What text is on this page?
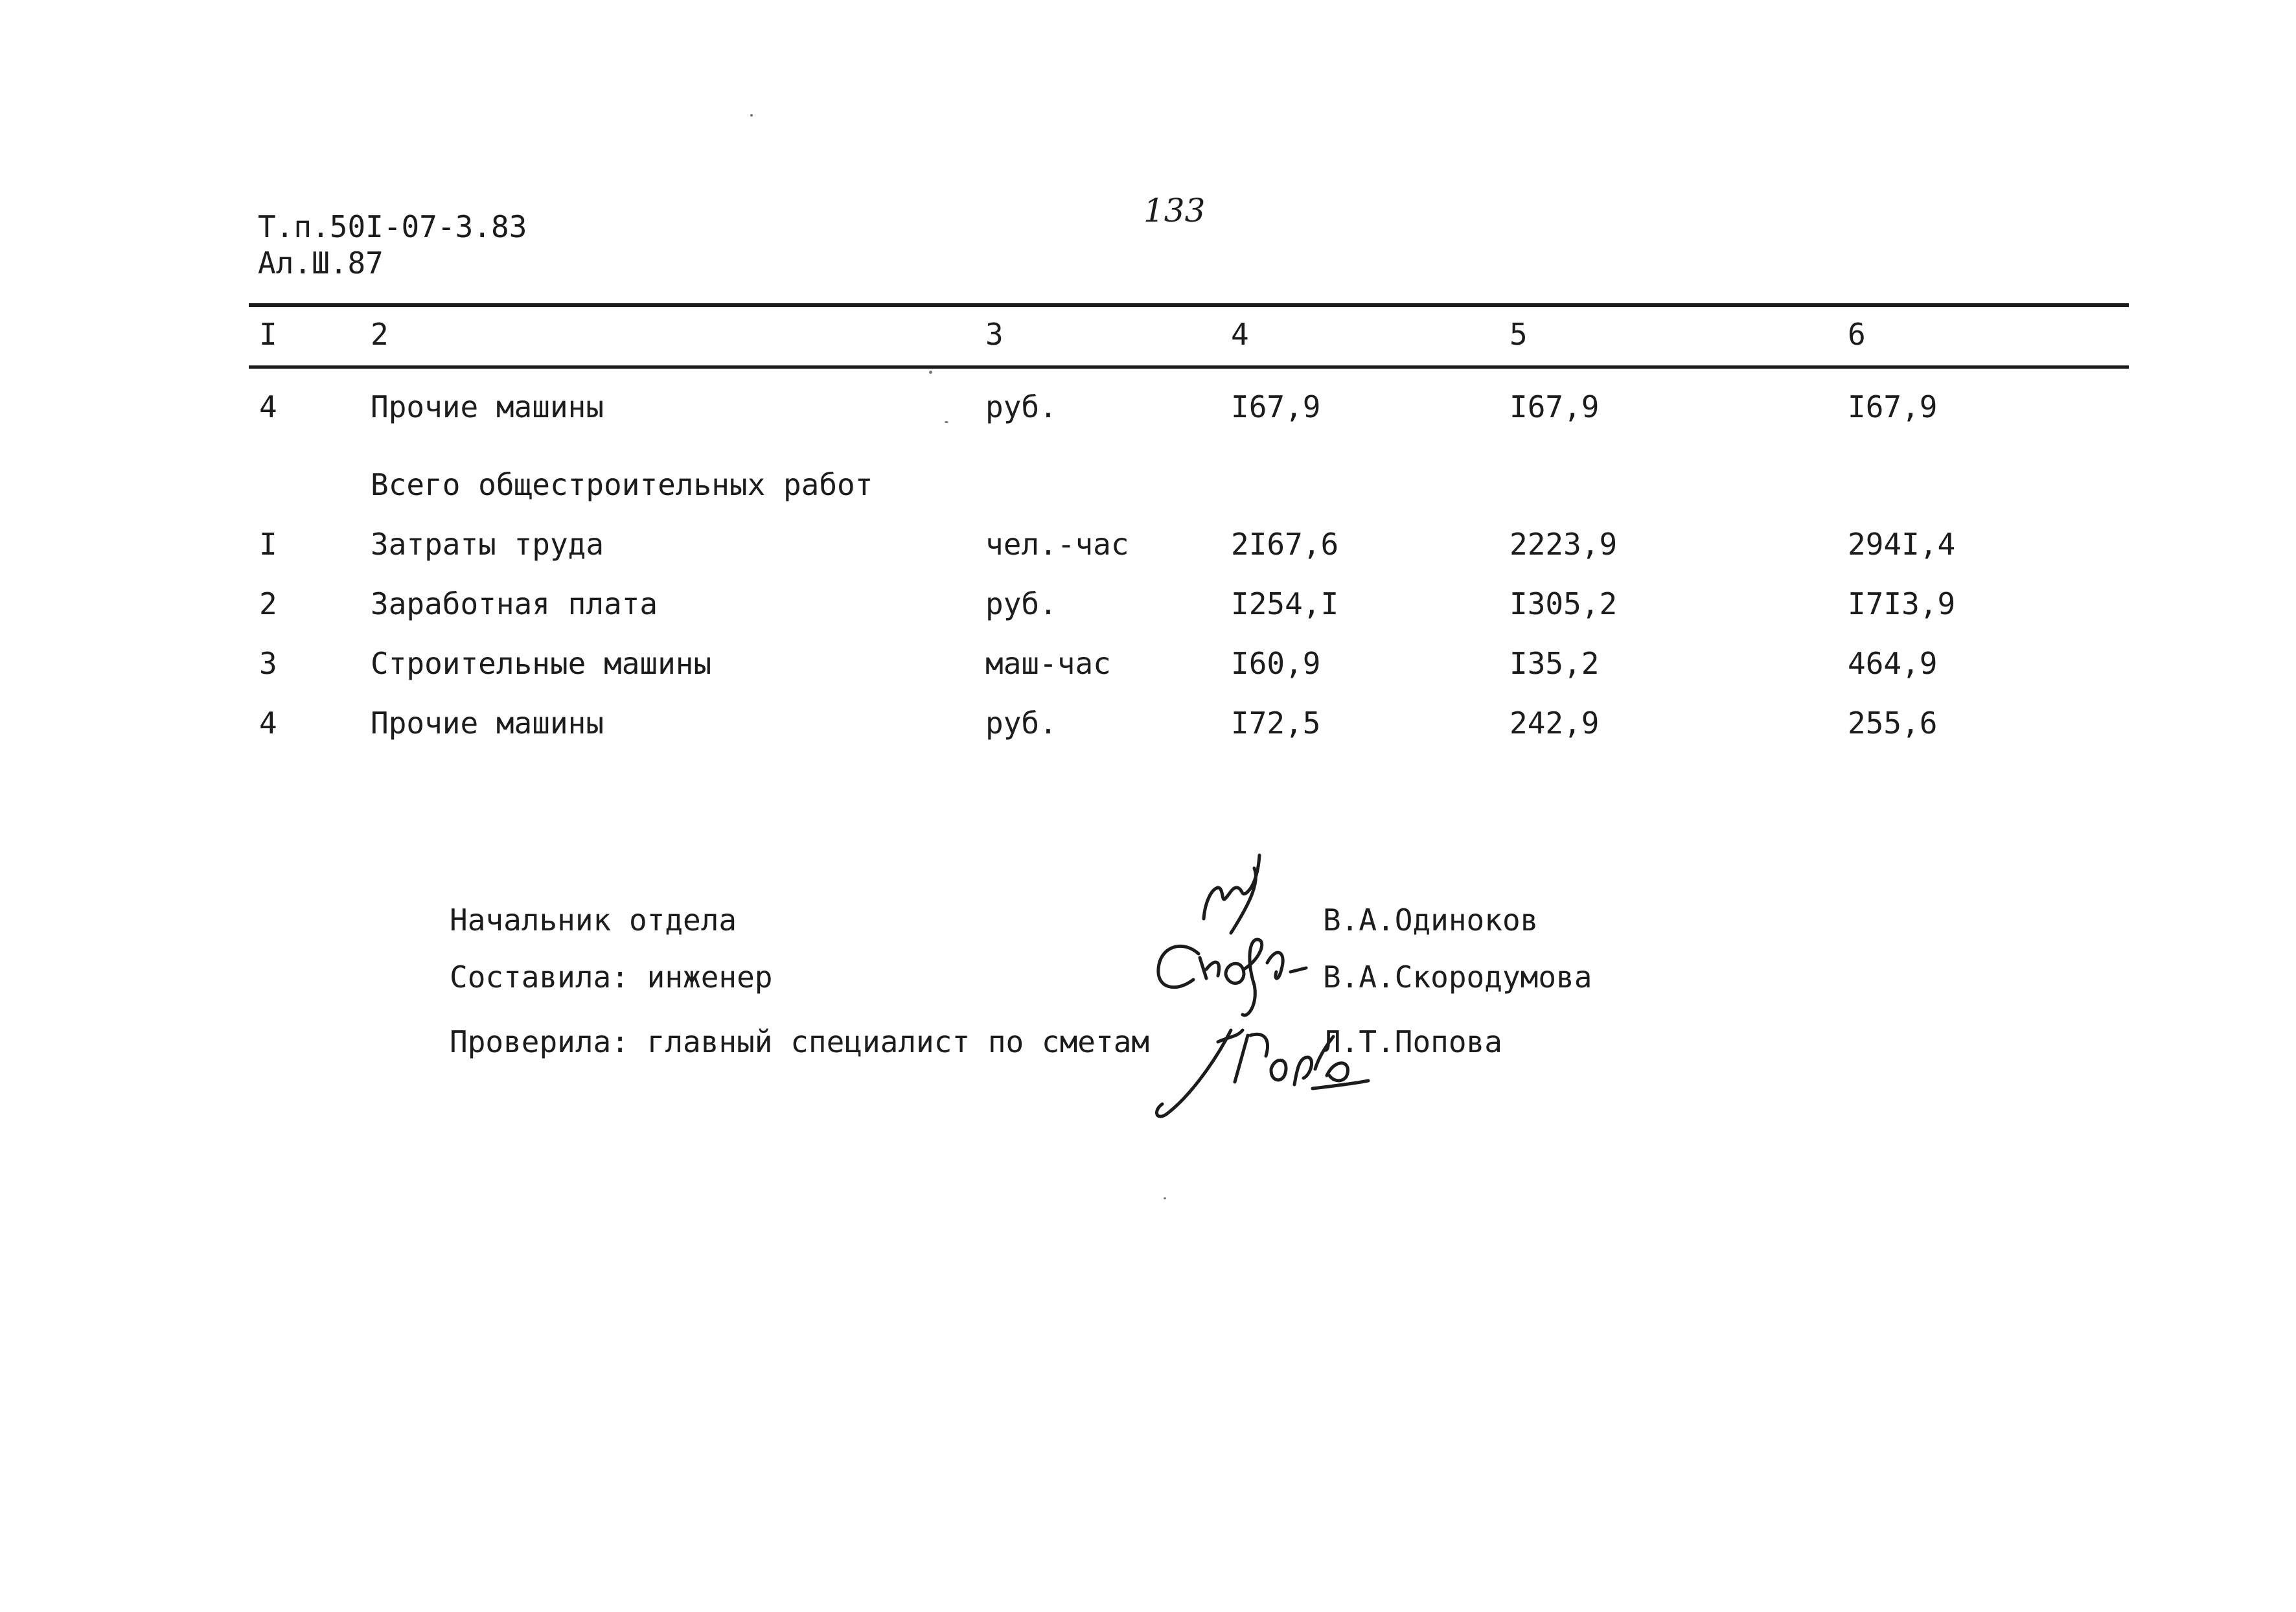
Т.п.50I-07-3.83
Ал.Ш.87
133
I	2	3	4	5	6
4	Прочие машины	руб.	I67,9	I67,9	I67,9
Всего общестроительных работ
I	Затраты труда	чел.-час	2I67,6	2223,9	294I,4
2	Заработная плата	руб.	I254,I	I305,2	I7I3,9
3	Строительные машины	маш-час	I60,9	I35,2	464,9
4	Прочие машины	руб.	I72,5	242,9	255,6
Начальник отдела	В.А.Одиноков
Составила: инженер	В.А.Скородумова
Проверила: главный специалист по сметам	Л.Т.Попова
